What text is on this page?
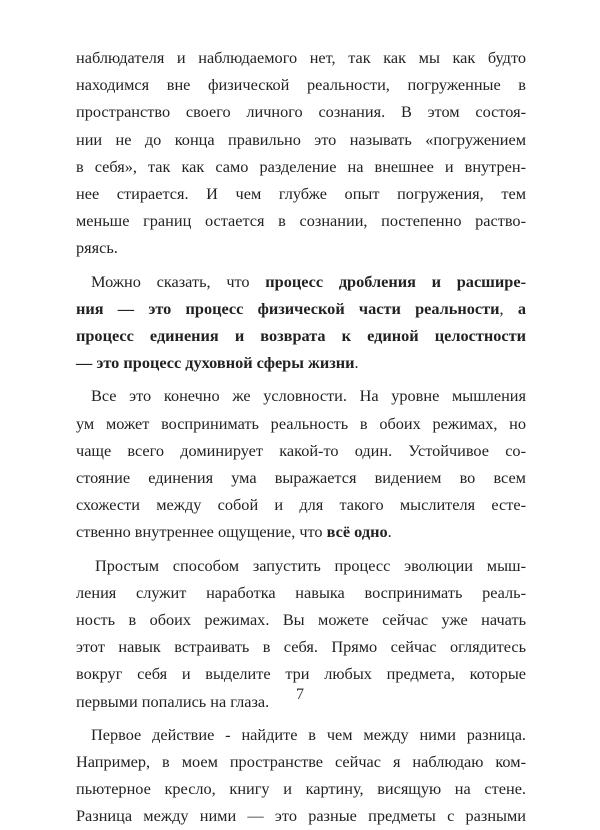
наблюдателя и наблюдаемого нет, так как мы как будто
находимся вне физической реальности, погруженные в
пространство своего личного сознания. В этом состоя-
нии не до конца правильно это называть «погружением
в себя», так как само разделение на внешнее и внутрен-
нее стирается. И чем глубже опыт погружения, тем
меньше границ остается в сознании, постепенно раство-
ряясь.
Можно сказать, что процесс дробления и расшире-
ния — это процесс физической части реальности, а
процесс единения и возврата к единой целостности
— это процесс духовной сферы жизни.
Все это конечно же условности. На уровне мышления
ум может воспринимать реальность в обоих режимах, но
чаще всего доминирует какой-то один. Устойчивое со-
стояние единения ума выражается видением во всем
схожести между собой и для такого мыслителя есте-
ственно внутреннее ощущение, что всё одно.
Простым способом запустить процесс эволюции мыш-
ления служит наработка навыка воспринимать реаль-
ность в обоих режимах. Вы можете сейчас уже начать
этот навык встраивать в себя. Прямо сейчас оглядитесь
вокруг себя и выделите три любых предмета, которые
первыми попались на глаза.
Первое действие - найдите в чем между ними разница.
Например, в моем пространстве сейчас я наблюдаю ком-
пьютерное кресло, книгу и картину, висящую на стене.
Разница между ними — это разные предметы с разными
7
